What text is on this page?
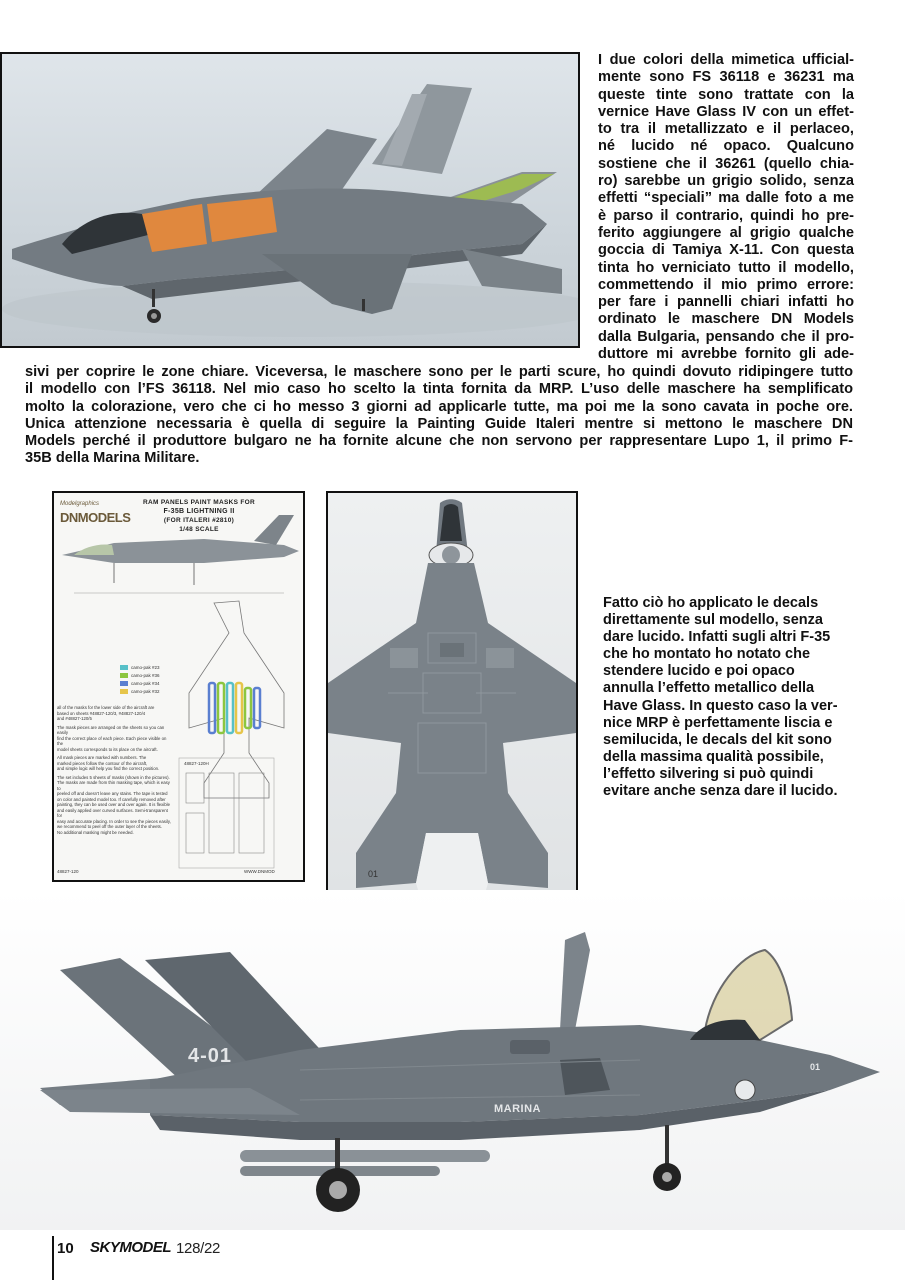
I due colori della mimetica ufficial-
mente sono FS 36118 e 36231 ma
queste tinte sono trattate con la
vernice Have Glass IV con un effet-
to tra il metallizzato e il perlaceo,
né lucido né opaco. Qualcuno
sostiene che il 36261 (quello chia-
ro) sarebbe un grigio solido, senza
effetti “speciali” ma dalle foto a me
è parso il contrario, quindi ho pre-
ferito aggiungere al grigio qualche
goccia di Tamiya X-11. Con questa
tinta ho verniciato tutto il modello,
commettendo il mio primo errore:
per fare i pannelli chiari infatti ho
ordinato le maschere DN Models
dalla Bulgaria, pensando che il pro-
duttore mi avrebbe fornito gli ade-

sivi per coprire le zone chiare. Viceversa, le maschere sono per le parti scure, ho quindi dovuto ridipingere tutto
il modello con l’FS 36118. Nel mio caso ho scelto la tinta fornita da MRP. L’uso delle maschere ha semplificato
molto la colorazione, vero che ci ho messo 3 giorni ad applicarle tutte, ma poi me la sono cavata in poche ore.
Unica attenzione necessaria è quella di seguire la Painting Guide Italeri mentre si mettono le maschere DN
Models perché il produttore bulgaro ne ha fornite alcune che non servono per rappresentare Lupo 1, il primo F-
35B della Marina Militare.

Modelgraphics
DNMODELS
RAM PANELS PAINT MASKS FOR
F-35B LIGHTNING II
(FOR ITALERI #2810)
1/48 SCALE
camo-pak #23
camo-pak #36
camo-pak #34
camo-pak #32
48827-120H
all of the masks for the lower side of the aircraft are
based on sheets #48827-120/3, #48827-120/4
and #48827-120/5
The mask pieces are arranged on the sheets so you can easily
find the correct place of each piece. Each piece visible on the
model sheets corresponds to its place on the aircraft.
All mask pieces are marked with numbers. The
marked pieces follow the contour of the aircraft,
and simple logic will help you find the correct position.
The set includes 5 sheets of masks (shown in the pictures).
The masks are made from thin masking tape, which is easy to
peeled off and doesn't leave any stains. The tape is tested
on color and painted model too. If carefully removed after
painting, they can be used over and over again. It is flexible
and easily applied over curved surfaces. Semi-transparent for
easy and accurate placing. In order to see the pieces easily,
we recommend to peel off the outer layer of the sheets.
No additional masking might be needed.
48827-120	WWW.DNMOD	01

Fatto ciò ho applicato le decals
direttamente sul modello, senza
dare lucido. Infatti sugli altri F-35
che ho montato ho notato che
stendere lucido e poi opaco
annulla l’effetto metallico della
Have Glass. In questo caso la ver-
nice MRP è perfettamente liscia e
semilucida, le decals del kit sono
della massima qualità possibile,
l’effetto silvering si può quindi
evitare anche senza dare il lucido.

4-01
MARINA
01
10 SKYMODEL 128/22
